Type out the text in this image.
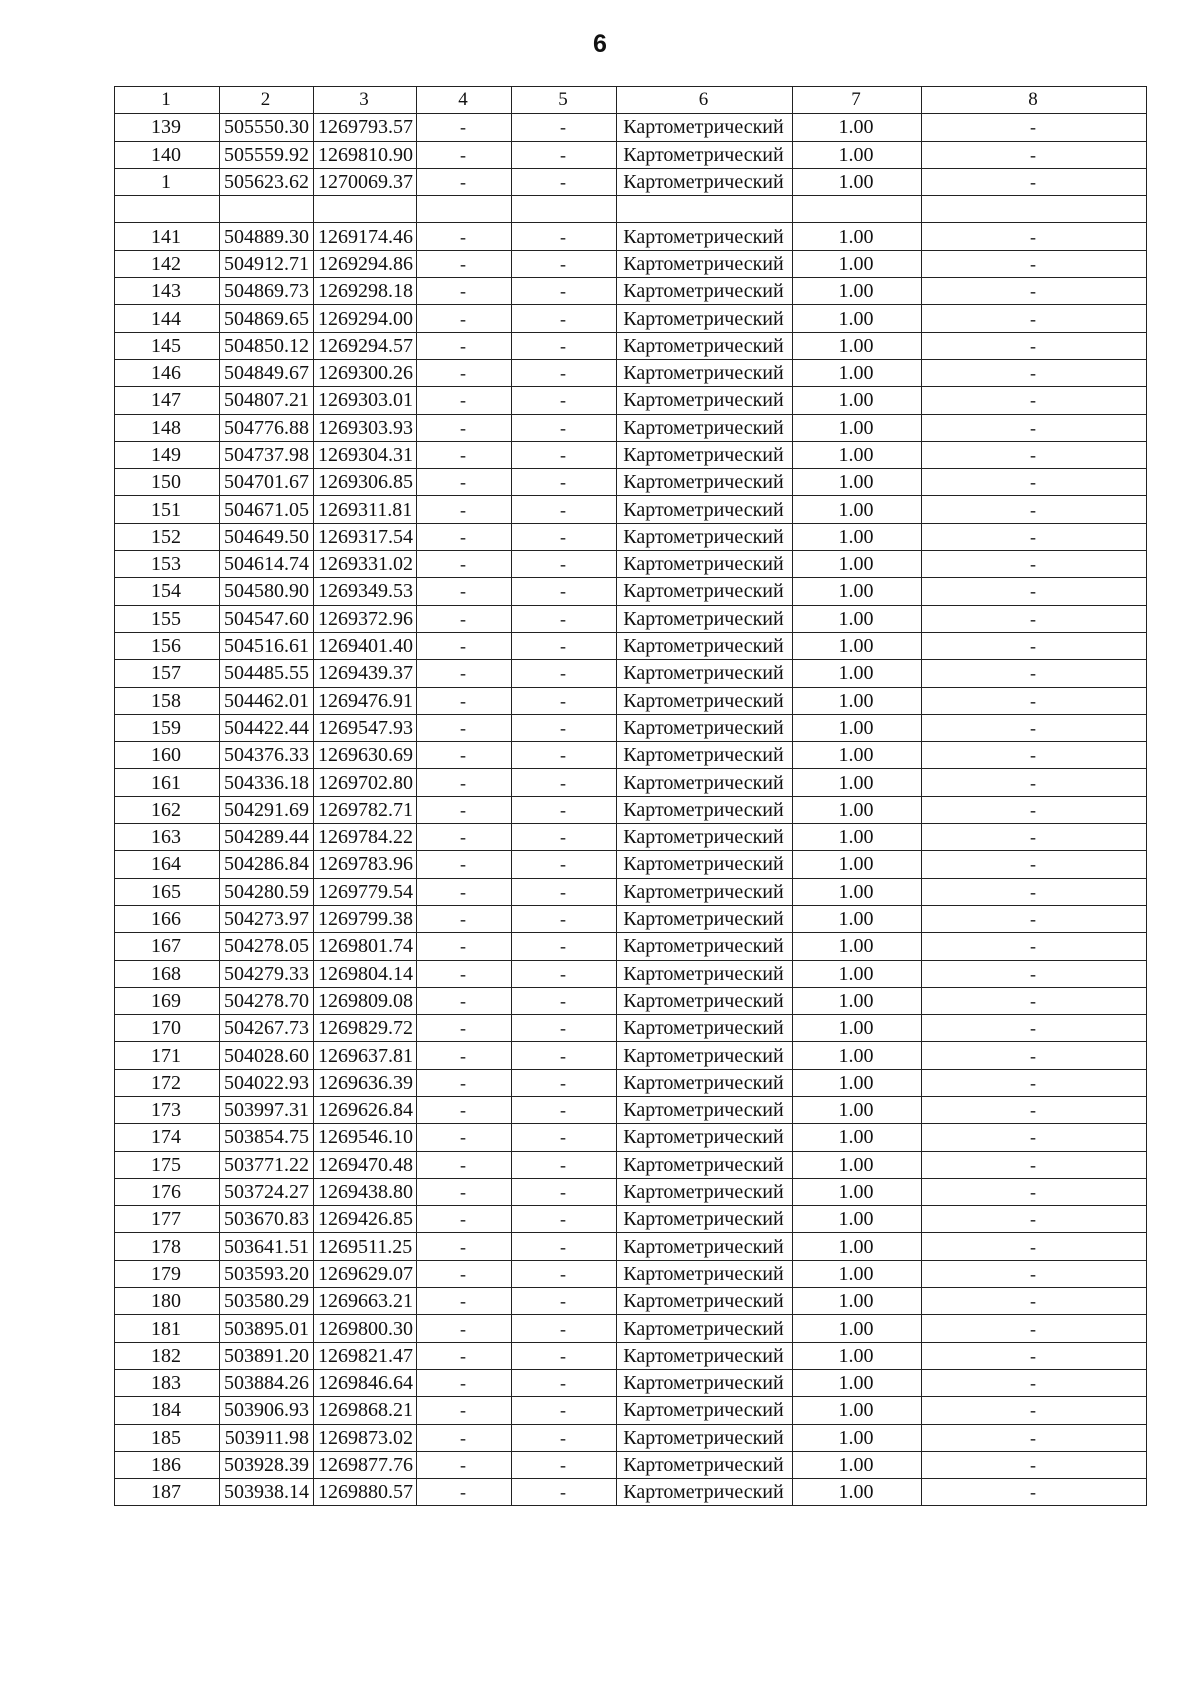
6
1	2	3	4	5	6	7	8
139	505550.30	1269793.57	-	-	Картометрический	1.00	-
140	505559.92	1269810.90	-	-	Картометрический	1.00	-
1	505623.62	1270069.37	-	-	Картометрический	1.00	-

141	504889.30	1269174.46	-	-	Картометрический	1.00	-
142	504912.71	1269294.86	-	-	Картометрический	1.00	-
143	504869.73	1269298.18	-	-	Картометрический	1.00	-
144	504869.65	1269294.00	-	-	Картометрический	1.00	-
145	504850.12	1269294.57	-	-	Картометрический	1.00	-
146	504849.67	1269300.26	-	-	Картометрический	1.00	-
147	504807.21	1269303.01	-	-	Картометрический	1.00	-
148	504776.88	1269303.93	-	-	Картометрический	1.00	-
149	504737.98	1269304.31	-	-	Картометрический	1.00	-
150	504701.67	1269306.85	-	-	Картометрический	1.00	-
151	504671.05	1269311.81	-	-	Картометрический	1.00	-
152	504649.50	1269317.54	-	-	Картометрический	1.00	-
153	504614.74	1269331.02	-	-	Картометрический	1.00	-
154	504580.90	1269349.53	-	-	Картометрический	1.00	-
155	504547.60	1269372.96	-	-	Картометрический	1.00	-
156	504516.61	1269401.40	-	-	Картометрический	1.00	-
157	504485.55	1269439.37	-	-	Картометрический	1.00	-
158	504462.01	1269476.91	-	-	Картометрический	1.00	-
159	504422.44	1269547.93	-	-	Картометрический	1.00	-
160	504376.33	1269630.69	-	-	Картометрический	1.00	-
161	504336.18	1269702.80	-	-	Картометрический	1.00	-
162	504291.69	1269782.71	-	-	Картометрический	1.00	-
163	504289.44	1269784.22	-	-	Картометрический	1.00	-
164	504286.84	1269783.96	-	-	Картометрический	1.00	-
165	504280.59	1269779.54	-	-	Картометрический	1.00	-
166	504273.97	1269799.38	-	-	Картометрический	1.00	-
167	504278.05	1269801.74	-	-	Картометрический	1.00	-
168	504279.33	1269804.14	-	-	Картометрический	1.00	-
169	504278.70	1269809.08	-	-	Картометрический	1.00	-
170	504267.73	1269829.72	-	-	Картометрический	1.00	-
171	504028.60	1269637.81	-	-	Картометрический	1.00	-
172	504022.93	1269636.39	-	-	Картометрический	1.00	-
173	503997.31	1269626.84	-	-	Картометрический	1.00	-
174	503854.75	1269546.10	-	-	Картометрический	1.00	-
175	503771.22	1269470.48	-	-	Картометрический	1.00	-
176	503724.27	1269438.80	-	-	Картометрический	1.00	-
177	503670.83	1269426.85	-	-	Картометрический	1.00	-
178	503641.51	1269511.25	-	-	Картометрический	1.00	-
179	503593.20	1269629.07	-	-	Картометрический	1.00	-
180	503580.29	1269663.21	-	-	Картометрический	1.00	-
181	503895.01	1269800.30	-	-	Картометрический	1.00	-
182	503891.20	1269821.47	-	-	Картометрический	1.00	-
183	503884.26	1269846.64	-	-	Картометрический	1.00	-
184	503906.93	1269868.21	-	-	Картометрический	1.00	-
185	503911.98	1269873.02	-	-	Картометрический	1.00	-
186	503928.39	1269877.76	-	-	Картометрический	1.00	-
187	503938.14	1269880.57	-	-	Картометрический	1.00	-
